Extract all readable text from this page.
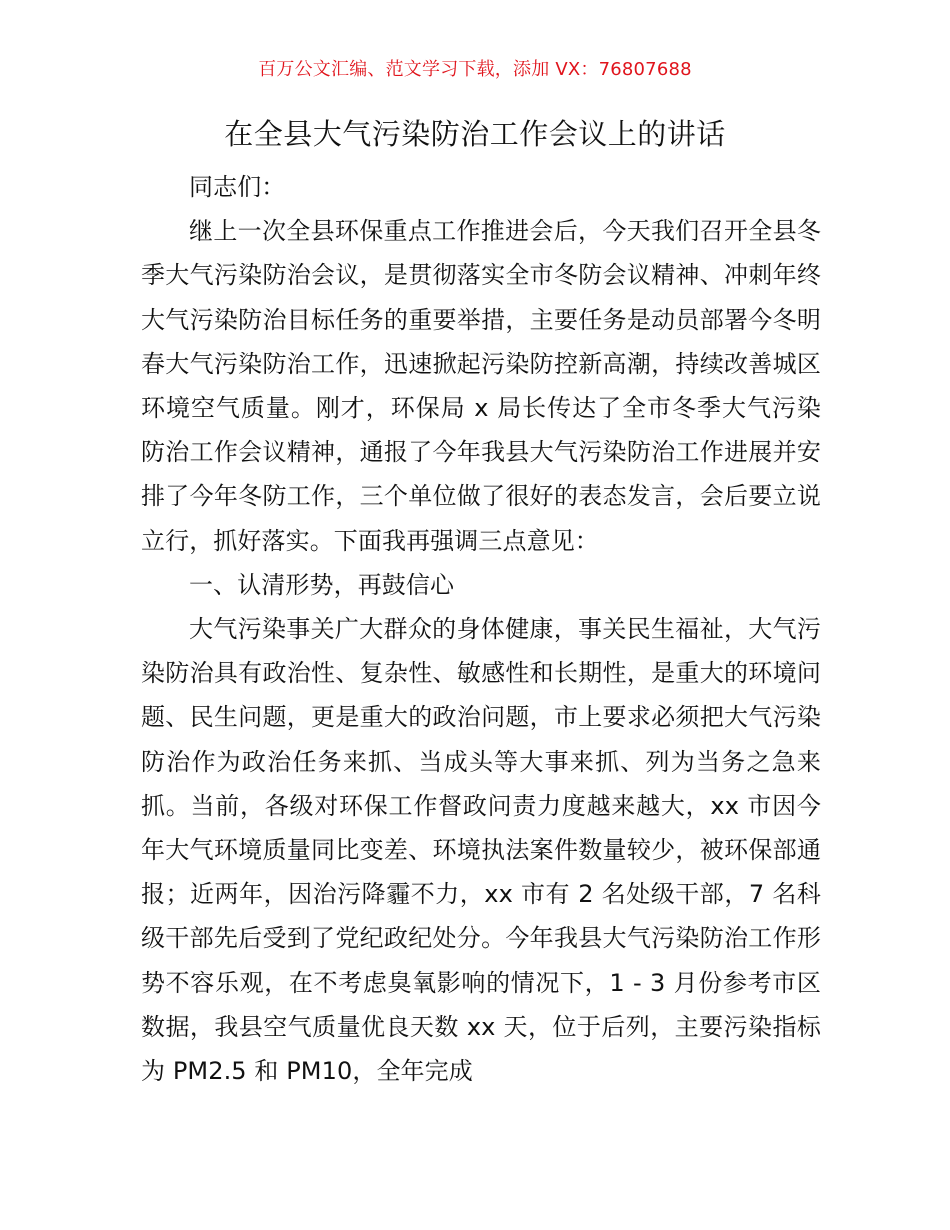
百万公文汇编、范文学习下载，添加 VX：76807688
在全县大气污染防治工作会议上的讲话

同志们：

继上一次全县环保重点工作推进会后，今天我们召开全县冬季大气污染防治会议，是贯彻落实全市冬防会议精神、冲刺年终大气污染防治目标任务的重要举措，主要任务是动员部署今冬明春大气污染防治工作，迅速掀起污染防控新高潮，持续改善城区环境空气质量。刚才，环保局 x 局长传达了全市冬季大气污染防治工作会议精神，通报了今年我县大气污染防治工作进展并安排了今年冬防工作，三个单位做了很好的表态发言，会后要立说立行，抓好落实。下面我再强调三点意见：

一、认清形势，再鼓信心

大气污染事关广大群众的身体健康，事关民生福祉，大气污染防治具有政治性、复杂性、敏感性和长期性，是重大的环境问题、民生问题，更是重大的政治问题，市上要求必须把大气污染防治作为政治任务来抓、当成头等大事来抓、列为当务之急来抓。当前，各级对环保工作督政问责力度越来越大，xx 市因今年大气环境质量同比变差、环境执法案件数量较少，被环保部通报；近两年，因治污降霾不力，xx 市有 2 名处级干部，7 名科级干部先后受到了党纪政纪处分。今年我县大气污染防治工作形势不容乐观，在不考虑臭氧影响的情况下，1 - 3 月份参考市区数据，我县空气质量优良天数 xx 天，位于后列，主要污染指标为 PM2.5 和 PM10，全年完成
